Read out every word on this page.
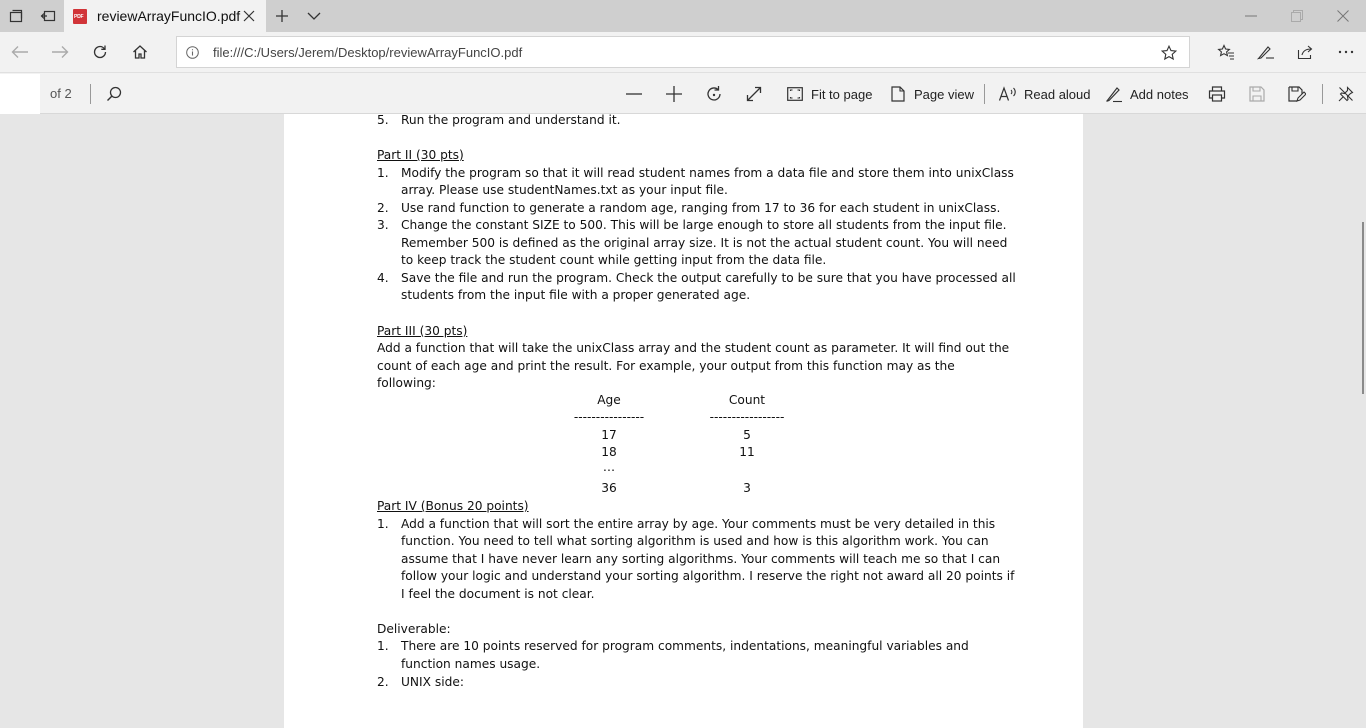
PDF reviewArrayFuncIO.pdf
file:///C:/Users/Jerem/Desktop/reviewArrayFuncIO.pdf
of 2	Fit to page	Page view	Read aloud	Add notes
5. Run the program and understand it.
Part II (30 pts)
1. Modify the program so that it will read student names from a data file and store them into unixClass
array. Please use studentNames.txt as your input file.
2. Use rand function to generate a random age, ranging from 17 to 36 for each student in unixClass.
3. Change the constant SIZE to 500. This will be large enough to store all students from the input file.
Remember 500 is defined as the original array size. It is not the actual student count. You will need
to keep track the student count while getting input from the data file.
4. Save the file and run the program. Check the output carefully to be sure that you have processed all
students from the input file with a proper generated age.
Part III (30 pts)
Add a function that will take the unixClass array and the student count as parameter. It will find out the
count of each age and print the result. For example, your output from this function may as the
following:
Age	Count
----------------	-----------------
17	5
18	11
…
36	3
Part IV (Bonus 20 points)
1. Add a function that will sort the entire array by age. Your comments must be very detailed in this
function. You need to tell what sorting algorithm is used and how is this algorithm work. You can
assume that I have never learn any sorting algorithms. Your comments will teach me so that I can
follow your logic and understand your sorting algorithm. I reserve the right not award all 20 points if
I feel the document is not clear.
Deliverable:
1. There are 10 points reserved for program comments, indentations, meaningful variables and
function names usage.
2. UNIX side:
